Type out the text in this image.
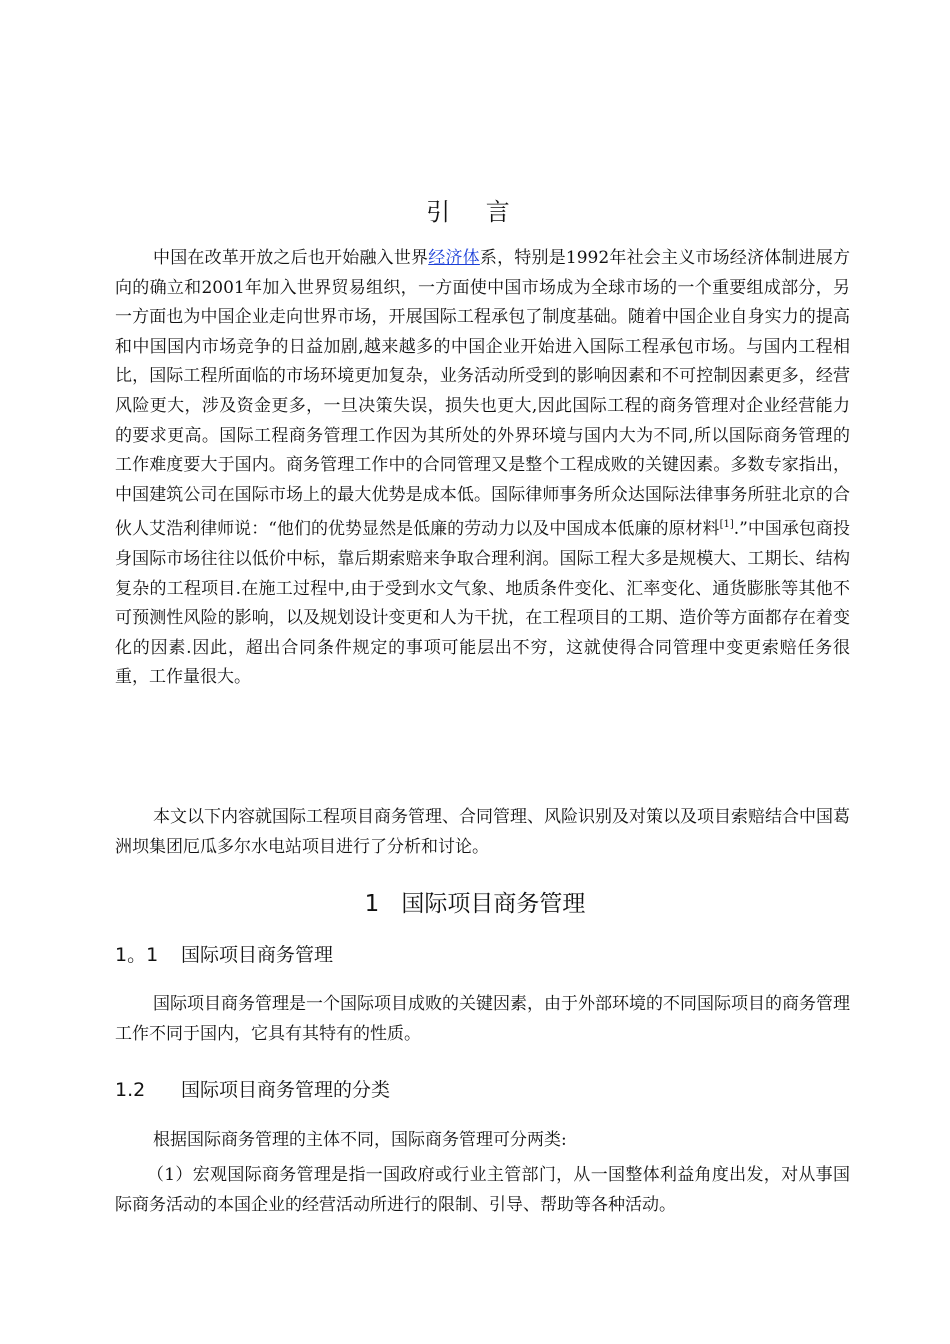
引 言

中国在改革开放之后也开始融入世界经济体系，特别是1992年社会主义市场经济体制进展方向的确立和2001年加入世界贸易组织，一方面使中国市场成为全球市场的一个重要组成部分，另一方面也为中国企业走向世界市场，开展国际工程承包了制度基础。随着中国企业自身实力的提高和中国国内市场竞争的日益加剧,越来越多的中国企业开始进入国际工程承包市场。与国内工程相比，国际工程所面临的市场环境更加复杂，业务活动所受到的影响因素和不可控制因素更多，经营风险更大，涉及资金更多，一旦决策失误，损失也更大,因此国际工程的商务管理对企业经营能力的要求更高。国际工程商务管理工作因为其所处的外界环境与国内大为不同,所以国际商务管理的工作难度要大于国内。商务管理工作中的合同管理又是整个工程成败的关键因素。多数专家指出，中国建筑公司在国际市场上的最大优势是成本低。国际律师事务所众达国际法律事务所驻北京的合伙人艾浩利律师说：“他们的优势显然是低廉的劳动力以及中国成本低廉的原材料[1].”中国承包商投身国际市场往往以低价中标，靠后期索赔来争取合理利润。国际工程大多是规模大、工期长、结构复杂的工程项目.在施工过程中,由于受到水文气象、地质条件变化、汇率变化、通货膨胀等其他不可预测性风险的影响，以及规划设计变更和人为干扰，在工程项目的工期、造价等方面都存在着变化的因素.因此，超出合同条件规定的事项可能层出不穷，这就使得合同管理中变更索赔任务很重，工作量很大。

本文以下内容就国际工程项目商务管理、合同管理、风险识别及对策以及项目索赔结合中国葛洲坝集团厄瓜多尔水电站项目进行了分析和讨论。

1 国际项目商务管理
1。1 国际项目商务管理

国际项目商务管理是一个国际项目成败的关键因素，由于外部环境的不同国际项目的商务管理工作不同于国内，它具有其特有的性质。

1.2 国际项目商务管理的分类

根据国际商务管理的主体不同，国际商务管理可分两类:

（1）宏观国际商务管理是指一国政府或行业主管部门，从一国整体利益角度出发，对从事国际商务活动的本国企业的经营活动所进行的限制、引导、帮助等各种活动。
